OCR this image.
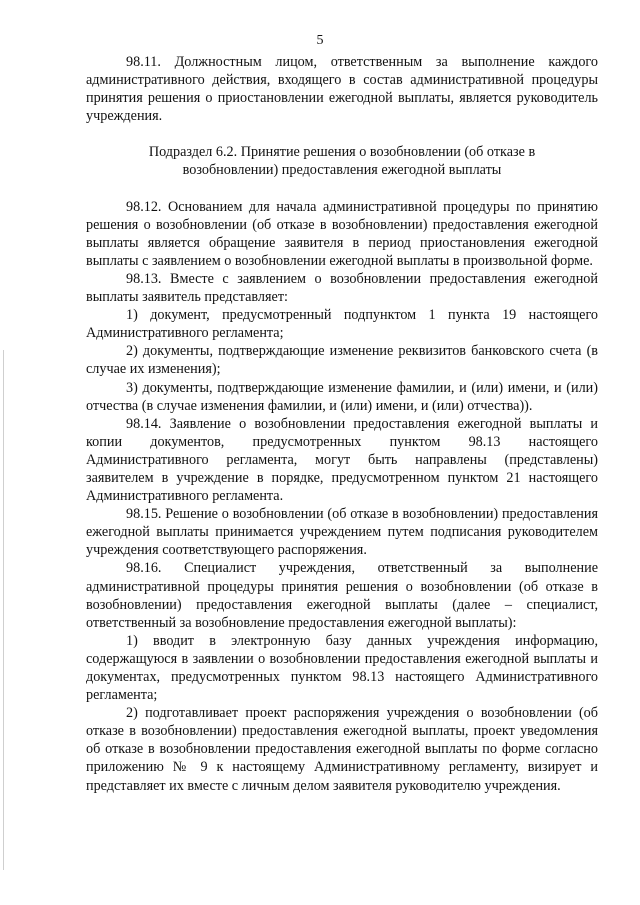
5

98.11. Должностным лицом, ответственным за выполнение каждого административного действия, входящего в состав административной процедуры принятия решения о приостановлении ежегодной выплаты, является руководитель учреждения.

Подраздел 6.2. Принятие решения о возобновлении (об отказе в
возобновлении) предоставления ежегодной выплаты

98.12. Основанием для начала административной процедуры по принятию решения о возобновлении (об отказе в возобновлении) предоставления ежегодной выплаты является обращение заявителя в период приостановления ежегодной выплаты с заявлением о возобновлении ежегодной выплаты в произвольной форме.

98.13. Вместе с заявлением о возобновлении предоставления ежегодной выплаты заявитель представляет:

1) документ, предусмотренный подпунктом 1 пункта 19 настоящего Административного регламента;

2) документы, подтверждающие изменение реквизитов банковского счета (в случае их изменения);

3) документы, подтверждающие изменение фамилии, и (или) имени, и (или) отчества (в случае изменения фамилии, и (или) имени, и (или) отчества)).

98.14. Заявление о возобновлении предоставления ежегодной выплаты и копии документов, предусмотренных пунктом 98.13 настоящего Административного регламента, могут быть направлены (представлены) заявителем в учреждение в порядке, предусмотренном пунктом 21 настоящего Административного регламента.

98.15. Решение о возобновлении (об отказе в возобновлении) предоставления ежегодной выплаты принимается учреждением путем подписания руководителем учреждения соответствующего распоряжения.

98.16. Специалист учреждения, ответственный за выполнение административной процедуры принятия решения о возобновлении (об отказе в возобновлении) предоставления ежегодной выплаты (далее – специалист, ответственный за возобновление предоставления ежегодной выплаты):

1) вводит в электронную базу данных учреждения информацию, содержащуюся в заявлении о возобновлении предоставления ежегодной выплаты и документах, предусмотренных пунктом 98.13 настоящего Административного регламента;

2) подготавливает проект распоряжения учреждения о возобновлении (об отказе в возобновлении) предоставления ежегодной выплаты, проект уведомления об отказе в возобновлении предоставления ежегодной выплаты по форме согласно приложению № 9 к настоящему Административному регламенту, визирует и представляет их вместе с личным делом заявителя руководителю учреждения.
